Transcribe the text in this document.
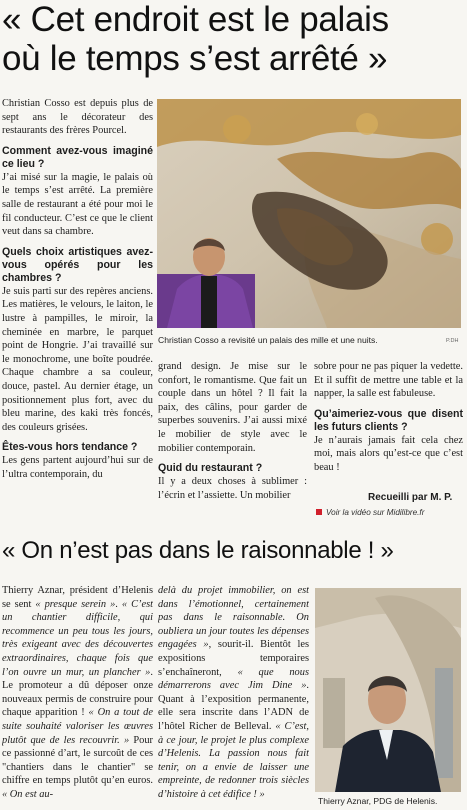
« Cet endroit est le palais
où le temps s’est arrêté »

Christian Cosso est depuis plus de sept ans le décorateur des restaurants des frères Pourcel.

Comment avez-vous imaginé ce lieu ?

J’ai misé sur la magie, le palais où le temps s’est arrêté. La première salle de restaurant a été pour moi le fil conducteur. C’est ce que le client veut dans sa chambre.

Quels choix artistiques avez-vous opérés pour les chambres ?

Je suis parti sur des repères anciens. Les matières, le velours, le laiton, le lustre à pampilles, le miroir, la cheminée en marbre, le parquet point de Hongrie. J’ai travaillé sur le monochrome, une boîte poudrée. Chaque chambre a sa couleur, douce, pastel. Au dernier étage, un positionnement plus fort, avec du bleu marine, des kaki très foncés, des couleurs grisées.

Êtes-vous hors tendance ?

Les gens partent aujourd’hui sur de l’ultra contemporain, du

Christian Cosso a revisité un palais des mille et une nuits.	P.DH

grand design. Je mise sur le confort, le romantisme. Que fait un couple dans un hôtel ? Il fait la paix, des câlins, pour garder de superbes souvenirs. J’ai aussi mixé le mobilier de style avec le mobilier contemporain.

Quid du restaurant ?

Il y a deux choses à sublimer : l’écrin et l’assiette. Un mobilier

sobre pour ne pas piquer la vedette. Et il suffit de mettre une table et la napper, la salle est fabuleuse.

Qu’aimeriez-vous que disent les futurs clients ?

Je n’aurais jamais fait cela chez moi, mais alors qu’est-ce que c’est beau !

Recueilli par M. P.
Voir la vidéo sur Midilibre.fr
« On n’est pas dans le raisonnable ! »

Thierry Aznar, président d’Helenis se sent « presque serein ». « C’est un chantier difficile, qui recommence un peu tous les jours, très exigeant avec des découvertes extraordinaires, chaque fois que l’on ouvre un mur, un plancher ». Le promoteur a dû déposer onze nouveaux permis de construire pour chaque apparition ! « On a tout de suite souhaité valoriser les œuvres plutôt que de les recouvrir. » Pour ce passionné d’art, le surcoût de ces "chantiers dans le chantier" se chiffre en temps plutôt qu’en euros. « On est au-

delà du projet immobilier, on est dans l’émotionnel, certainement pas dans le raisonnable. On oubliera un jour toutes les dépenses engagées », sourit-il. Bientôt les expositions temporaires s’enchaîneront, « que nous démarrerons avec Jim Dine ». Quant à l’exposition permanente, elle sera inscrite dans l’ADN de l’hôtel Richer de Belleval. « C’est, à ce jour, le projet le plus complexe d’Helenis. La passion nous fait tenir, on a envie de laisser une empreinte, de redonner trois siècles d’histoire à cet édifice ! »

Thierry Aznar, PDG de Helenis.
